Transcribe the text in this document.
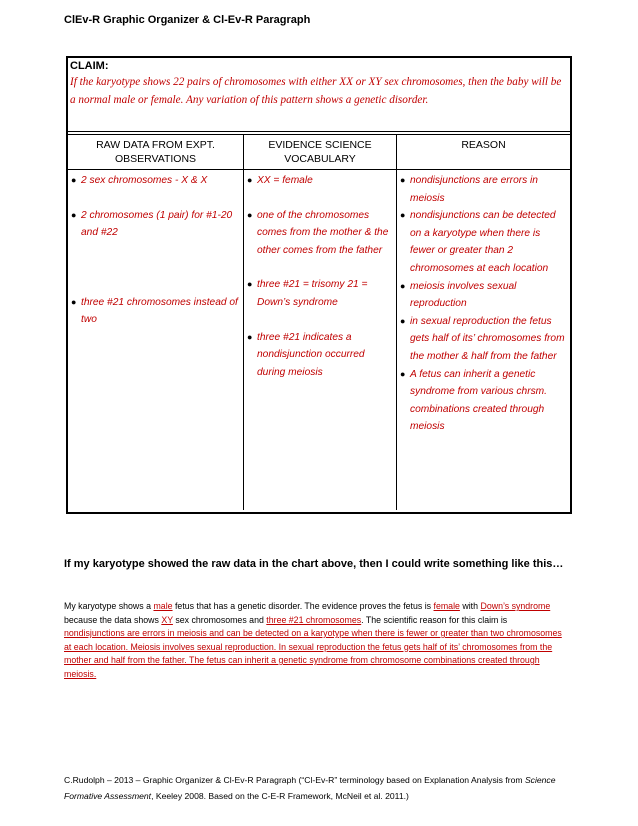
ClEv-R Graphic Organizer & Cl-Ev-R Paragraph
CLAIM:
If the karyotype shows 22 pairs of chromosomes with either XX or XY sex chromosomes, then the baby will be a normal male or female. Any variation of this pattern shows a genetic disorder.
RAW DATA FROM EXPT. OBSERVATIONS
EVIDENCE SCIENCE VOCABULARY
REASON
● 2 sex chromosomes - X & X
● 2 chromosomes (1 pair) for #1-20 and #22
● three #21 chromosomes instead of two
● XX = female
● one of the chromosomes comes from the mother & the other comes from the father
● three #21 = trisomy 21 = Down’s syndrome
● three #21 indicates a nondisjunction occurred during meiosis
● nondisjunctions are errors in meiosis
● nondisjunctions can be detected on a karyotype when there is fewer or greater than 2 chromosomes at each location
● meiosis involves sexual reproduction
● in sexual reproduction the fetus gets half of its’ chromosomes from the mother & half from the father
● A fetus can inherit a genetic syndrome from various chrsm. combinations created through meiosis
If my karyotype showed the raw data in the chart above, then I could write something like this…
My karyotype shows a male fetus that has a genetic disorder. The evidence proves the fetus is female with Down’s syndrome because the data shows XY sex chromosomes and three #21 chromosomes. The scientific reason for this claim is nondisjunctions are errors in meiosis and can be detected on a karyotype when there is fewer or greater than two chromosomes at each location. Meiosis involves sexual reproduction. In sexual reproduction the fetus gets half of its’ chromosomes from the mother and half from the father. The fetus can inherit a genetic syndrome from chromosome combinations created through meiosis.
C.Rudolph – 2013 – Graphic Organizer & Cl-Ev-R Paragraph (“Cl-Ev-R” terminology based on Explanation Analysis from Science Formative Assessment, Keeley 2008. Based on the C-E-R Framework, McNeil et al. 2011.)
